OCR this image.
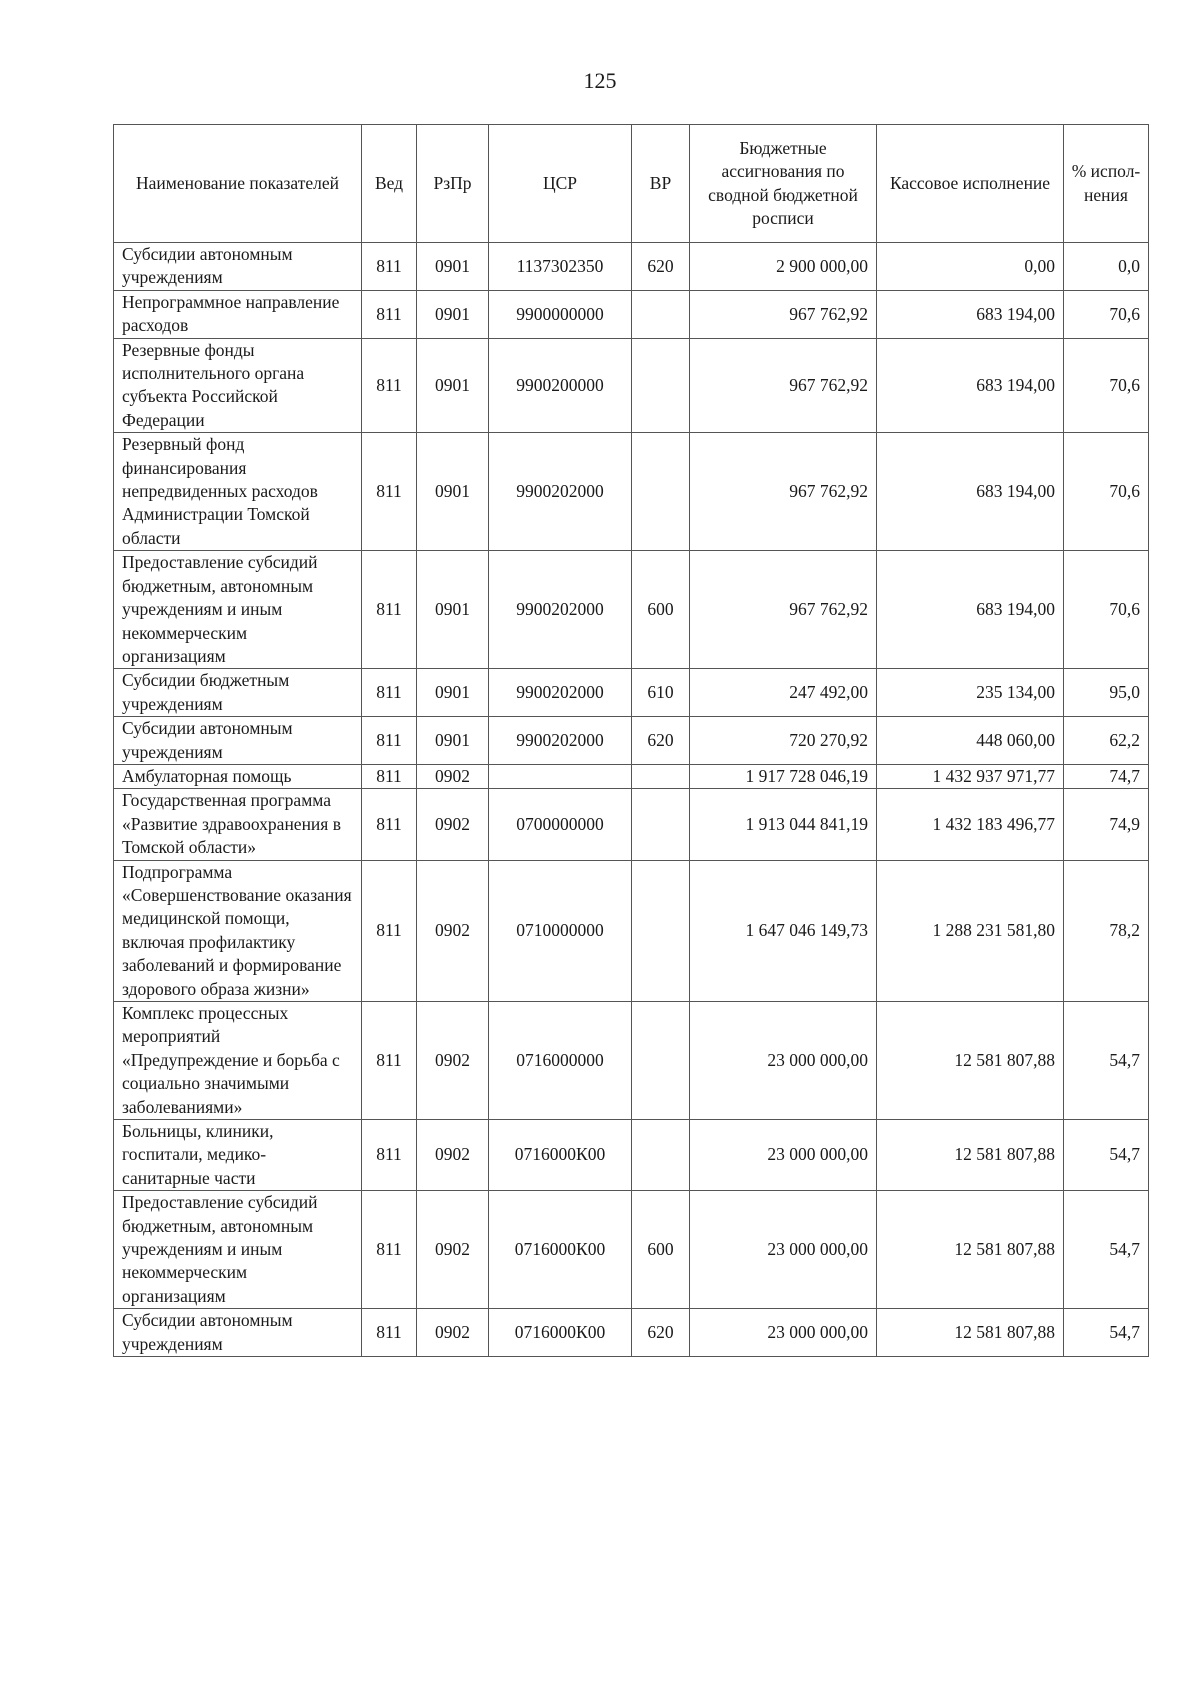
125
Наименование показателей	Вед	РзПр	ЦСР	ВР	Бюджетные ассигнования по сводной бюджетной росписи	Кассовое исполнение	% испол-нения
Субсидии автономным учреждениям	811	0901	1137302350	620	2 900 000,00	0,00	0,0
Непрограммное направление расходов	811	0901	9900000000		967 762,92	683 194,00	70,6
Резервные фонды исполнительного органа субъекта Российской Федерации	811	0901	9900200000		967 762,92	683 194,00	70,6
Резервный фонд финансирования непредвиденных расходов Администрации Томской области	811	0901	9900202000		967 762,92	683 194,00	70,6
Предоставление субсидий бюджетным, автономным учреждениям и иным некоммерческим организациям	811	0901	9900202000	600	967 762,92	683 194,00	70,6
Субсидии бюджетным учреждениям	811	0901	9900202000	610	247 492,00	235 134,00	95,0
Субсидии автономным учреждениям	811	0901	9900202000	620	720 270,92	448 060,00	62,2
Амбулаторная помощь	811	0902			1 917 728 046,19	1 432 937 971,77	74,7
Государственная программа «Развитие здравоохранения в Томской области»	811	0902	0700000000		1 913 044 841,19	1 432 183 496,77	74,9
Подпрограмма «Совершенствование оказания медицинской помощи, включая профилактику заболеваний и формирование здорового образа жизни»	811	0902	0710000000		1 647 046 149,73	1 288 231 581,80	78,2
Комплекс процессных мероприятий «Предупреждение и борьба с социально значимыми заболеваниями»	811	0902	0716000000		23 000 000,00	12 581 807,88	54,7
Больницы, клиники, госпитали, медико-санитарные части	811	0902	0716000К00		23 000 000,00	12 581 807,88	54,7
Предоставление субсидий бюджетным, автономным учреждениям и иным некоммерческим организациям	811	0902	0716000К00	600	23 000 000,00	12 581 807,88	54,7
Субсидии автономным учреждениям	811	0902	0716000К00	620	23 000 000,00	12 581 807,88	54,7
